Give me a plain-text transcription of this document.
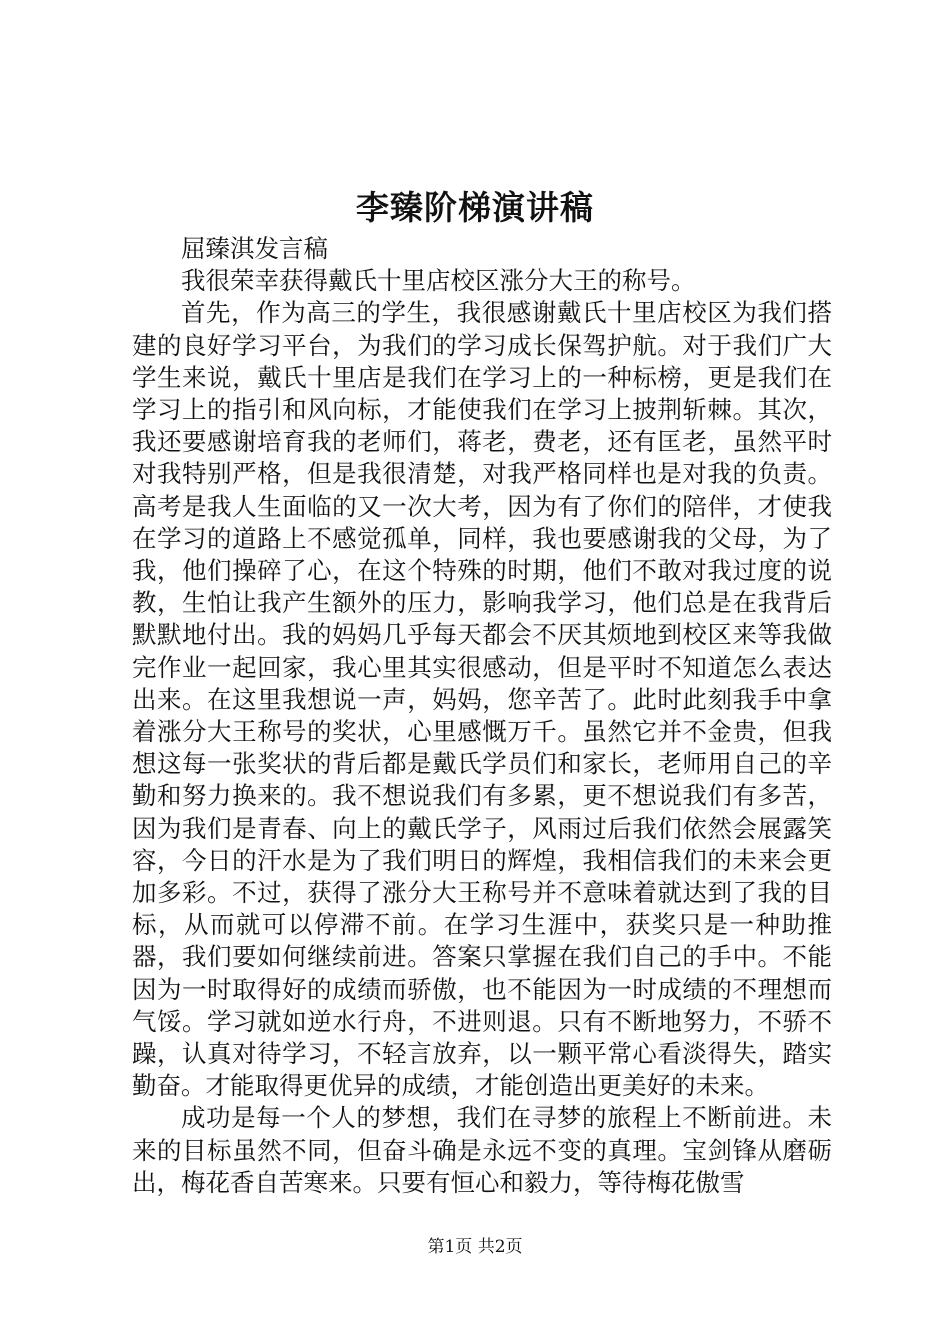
李臻阶梯演讲稿

屈臻淇发言稿

我很荣幸获得戴氏十里店校区涨分大王的称号。

首先，作为高三的学生，我很感谢戴氏十里店校区为我们搭建的良好学习平台，为我们的学习成长保驾护航。对于我们广大学生来说，戴氏十里店是我们在学习上的一种标榜，更是我们在学习上的指引和风向标，才能使我们在学习上披荆斩棘。其次，我还要感谢培育我的老师们，蒋老，费老，还有匡老，虽然平时对我特别严格，但是我很清楚，对我严格同样也是对我的负责。高考是我人生面临的又一次大考，因为有了你们的陪伴，才使我在学习的道路上不感觉孤单，同样，我也要感谢我的父母，为了我，他们操碎了心，在这个特殊的时期，他们不敢对我过度的说教，生怕让我产生额外的压力，影响我学习，他们总是在我背后默默地付出。我的妈妈几乎每天都会不厌其烦地到校区来等我做完作业一起回家，我心里其实很感动，但是平时不知道怎么表达出来。在这里我想说一声，妈妈，您辛苦了。此时此刻我手中拿着涨分大王称号的奖状，心里感慨万千。虽然它并不金贵，但我想这每一张奖状的背后都是戴氏学员们和家长，老师用自己的辛勤和努力换来的。我不想说我们有多累，更不想说我们有多苦，因为我们是青春、向上的戴氏学子，风雨过后我们依然会展露笑容，今日的汗水是为了我们明日的辉煌，我相信我们的未来会更加多彩。不过，获得了涨分大王称号并不意味着就达到了我的目标，从而就可以停滞不前。在学习生涯中，获奖只是一种助推器，我们要如何继续前进。答案只掌握在我们自己的手中。不能因为一时取得好的成绩而骄傲，也不能因为一时成绩的不理想而气馁。学习就如逆水行舟，不进则退。只有不断地努力，不骄不躁，认真对待学习，不轻言放弃，以一颗平常心看淡得失，踏实勤奋。才能取得更优异的成绩，才能创造出更美好的未来。

成功是每一个人的梦想，我们在寻梦的旅程上不断前进。未来的目标虽然不同，但奋斗确是永远不变的真理。宝剑锋从磨砺出，梅花香自苦寒来。只要有恒心和毅力，等待梅花傲雪

第1页 共2页
